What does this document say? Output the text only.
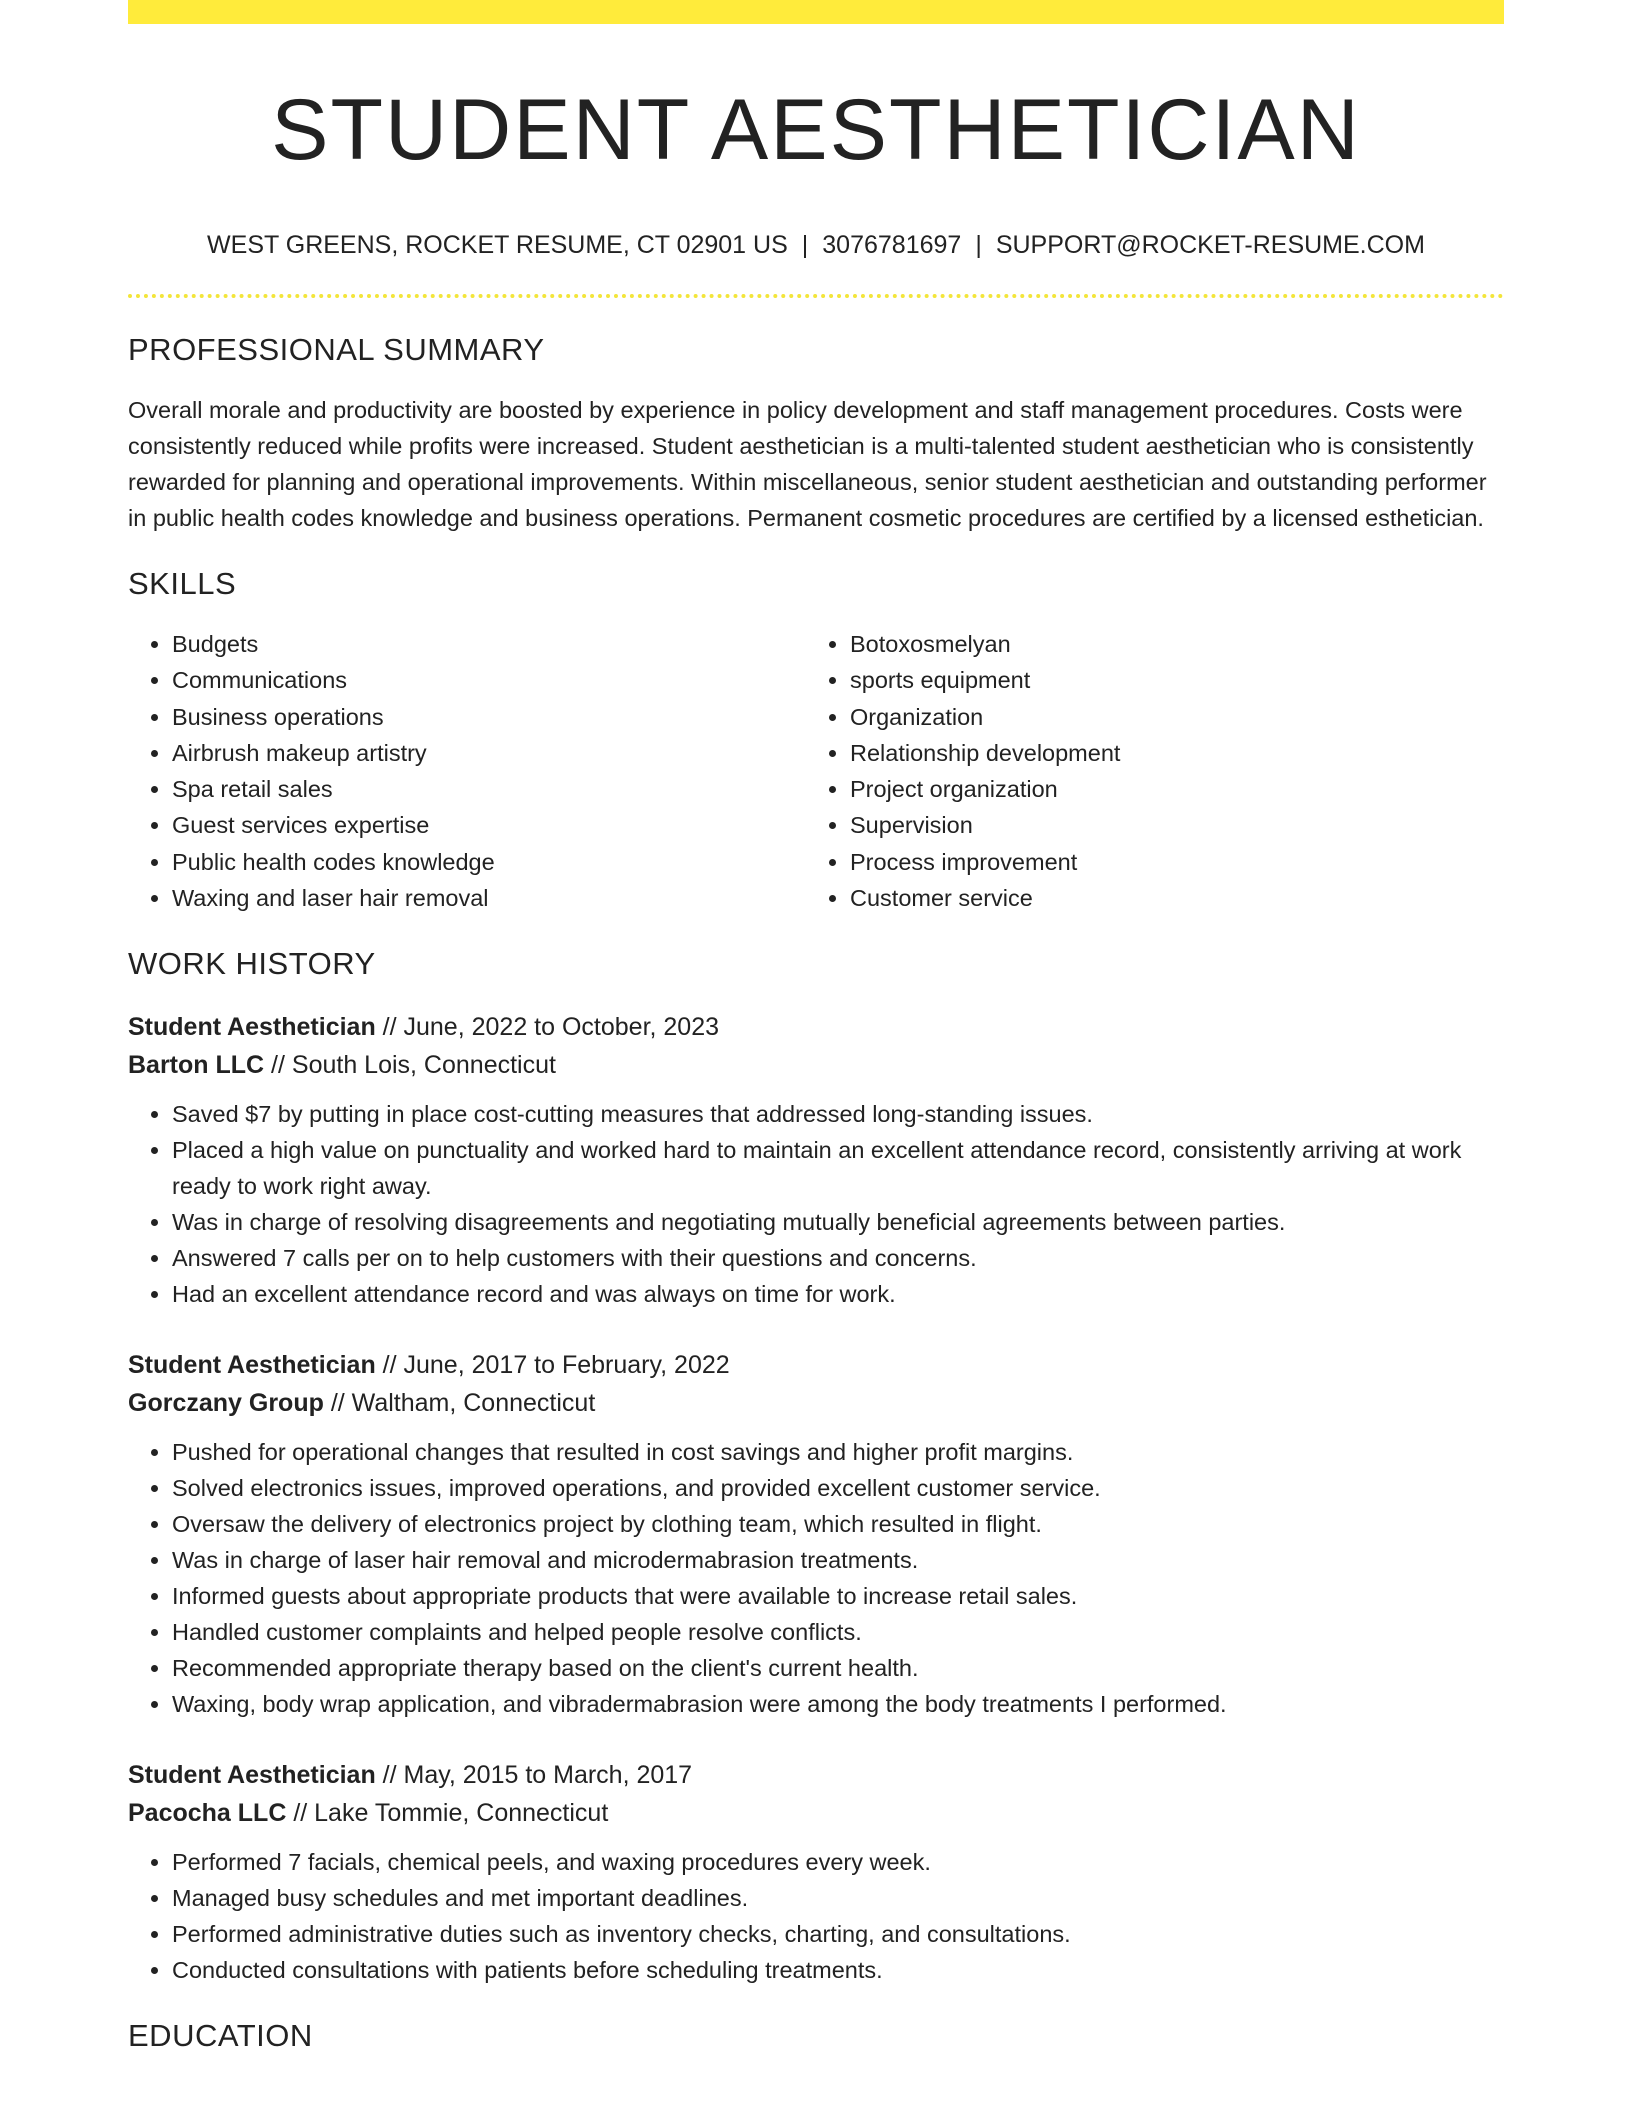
STUDENT AESTHETICIAN
WEST GREENS, ROCKET RESUME, CT 02901 US | 3076781697 | SUPPORT@ROCKET-RESUME.COM
PROFESSIONAL SUMMARY
Overall morale and productivity are boosted by experience in policy development and staff management procedures. Costs were consistently reduced while profits were increased. Student aesthetician is a multi-talented student aesthetician who is consistently rewarded for planning and operational improvements. Within miscellaneous, senior student aesthetician and outstanding performer in public health codes knowledge and business operations. Permanent cosmetic procedures are certified by a licensed esthetician.
SKILLS
• Budgets
• Communications
• Business operations
• Airbrush makeup artistry
• Spa retail sales
• Guest services expertise
• Public health codes knowledge
• Waxing and laser hair removal
• Botoxosmelyan
• sports equipment
• Organization
• Relationship development
• Project organization
• Supervision
• Process improvement
• Customer service
WORK HISTORY
Student Aesthetician // June, 2022 to October, 2023
Barton LLC // South Lois, Connecticut
• Saved $7 by putting in place cost-cutting measures that addressed long-standing issues.
• Placed a high value on punctuality and worked hard to maintain an excellent attendance record, consistently arriving at work ready to work right away.
• Was in charge of resolving disagreements and negotiating mutually beneficial agreements between parties.
• Answered 7 calls per on to help customers with their questions and concerns.
• Had an excellent attendance record and was always on time for work.
Student Aesthetician // June, 2017 to February, 2022
Gorczany Group // Waltham, Connecticut
• Pushed for operational changes that resulted in cost savings and higher profit margins.
• Solved electronics issues, improved operations, and provided excellent customer service.
• Oversaw the delivery of electronics project by clothing team, which resulted in flight.
• Was in charge of laser hair removal and microdermabrasion treatments.
• Informed guests about appropriate products that were available to increase retail sales.
• Handled customer complaints and helped people resolve conflicts.
• Recommended appropriate therapy based on the client's current health.
• Waxing, body wrap application, and vibradermabrasion were among the body treatments I performed.
Student Aesthetician // May, 2015 to March, 2017
Pacocha LLC // Lake Tommie, Connecticut
• Performed 7 facials, chemical peels, and waxing procedures every week.
• Managed busy schedules and met important deadlines.
• Performed administrative duties such as inventory checks, charting, and consultations.
• Conducted consultations with patients before scheduling treatments.
EDUCATION
